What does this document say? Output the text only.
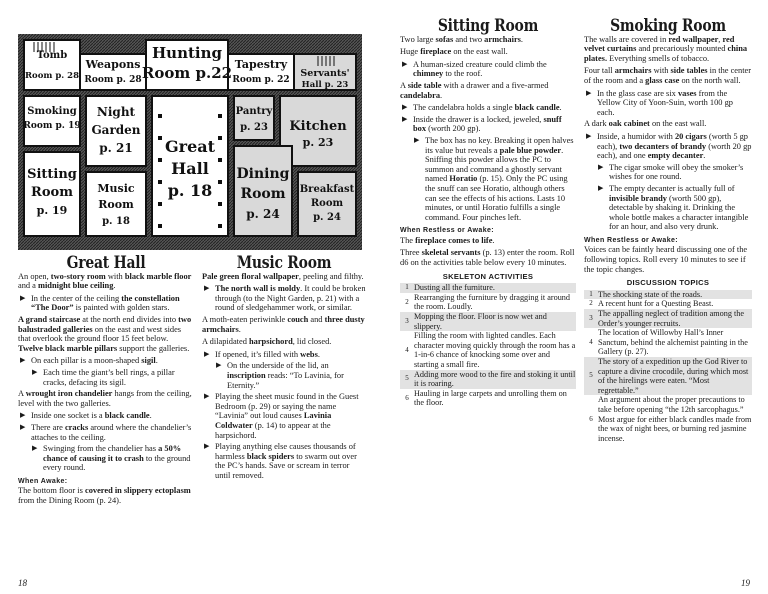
Tomb Room p. 28
Weapons Room p. 28
Hunting Room p.22 Tapestry Room p. 22
Servants' Hall p. 23
Smoking Room p. 19
Night Garden p. 21	Great Hall p. 18
Pantry p. 23	Kitchen p. 23
Sitting Room p. 19
Music Room p. 18
Dining Room p. 24
Breakfast Room p. 24
Great Hall

An open, two-story room with black marble floor and a midnight blue ceiling.

▶ In the center of the ceiling the constellation “The Door” is painted with golden stars.

A grand staircase at the north end divides into two balustraded galleries on the east and west sides that overlook the ground floor 15 feet below. Twelve black marble pillars support the galleries.

▶ On each pillar is a moon-shaped sigil.
▶ Each time the giant’s bell rings, a pillar cracks, defacing its sigil.

A wrought iron chandelier hangs from the ceiling, level with the two galleries.

▶ Inside one socket is a black candle.
▶ There are cracks around where the chandelier’s attaches to the ceiling.
▶ Swinging from the chandelier has a 50% chance of causing it to crash to the ground every round.
When Awake:

The bottom floor is covered in slippery ectoplasm from the Dining Room (p. 24).

Music Room

Pale green floral wallpaper, peeling and filthy.

▶ The north wall is moldy. It could be broken through (to the Night Garden, p. 21) with a round of sledgehammer work, or similar.

A moth-eaten periwinkle couch and three dusty armchairs.

A dilapidated harpsichord, lid closed.

▶ If opened, it’s filled with webs.
▶ On the underside of the lid, an inscription reads: “To Lavinia, for Eternity.”
▶ Playing the sheet music found in the Guest Bedroom (p. 29) or saying the name “Lavinia” out loud causes Lavinia Coldwater (p. 14) to appear at the harpsichord.
▶ Playing anything else causes thousands of harmless black spiders to swarm out over the PC’s hands. Save or scream in terror until removed.
Sitting Room

Two large sofas and two armchairs.

Huge fireplace on the east wall.

▶ A human-sized creature could climb the chimney to the roof.

A side table with a drawer and a five-armed candelabra.

▶ The candelabra holds a single black candle.
▶ Inside the drawer is a locked, jeweled, snuff box (worth 200 gp).
▶ The box has no key. Breaking it open halves its value but reveals a pale blue powder. Sniffing this powder allows the PC to summon and command a ghostly servant named Horatio (p. 15). Only the PC using the snuff can see Horatio, although others can see the effects of his actions. Lasts 10 minutes, or until Horatio fulfills a single command. Four pinches left.
When Restless or Awake:

The fireplace comes to life.

Three skeletal servants (p. 13) enter the room. Roll d6 on the activities table below every 10 minutes.

SKELETON ACTIVITIES
1	Dusting all the furniture.
2	Rearranging the furniture by dragging it around the room. Loudly.
3	Mopping the floor. Floor is now wet and slippery.
4	Filling the room with lighted candles. Each character moving quickly through the room has a 1-in-6 chance of knocking some over and starting a small fire.
5	Adding more wood to the fire and stoking it until it is roaring.
6	Hauling in large carpets and unrolling them on the floor.
Smoking Room

The walls are covered in red wallpaper, red velvet curtains and precariously mounted china plates. Everything smells of tobacco.

Four tall armchairs with side tables in the center of the room and a glass case on the north wall.

▶ In the glass case are six vases from the Yellow City of Yoon-Suin, worth 100 gp each.

A dark oak cabinet on the east wall.

▶ Inside, a humidor with 20 cigars (worth 5 gp each), two decanters of brandy (worth 20 gp each), and one empty decanter.
▶ The cigar smoke will obey the smoker’s wishes for one round.
▶ The empty decanter is actually full of invisible brandy (worth 500 gp), detectable by shaking it. Drinking the whole bottle makes a character intangible for an hour, and also very drunk.
When Restless or Awake:

Voices can be faintly heard discussing one of the following topics. Roll every 10 minutes to see if the topic changes.

DISCUSSION TOPICS
1	The shocking state of the roads.
2	A recent hunt for a Questing Beast.
3	The appalling neglect of tradition among the Order’s younger recruits.
4	The location of Willowby Hall’s Inner Sanctum, behind the alchemist painting in the Gallery (p. 27).
5	The story of a expedition up the God River to capture a divine crocodile, during which most of the hirelings were eaten. “Most regrettable.”
6	An argument about the proper precautions to take before opening “the 12th sarcophagus.” Most argue for either black candles made from the wax of night bees, or burning red jasmine incense.
18	19
